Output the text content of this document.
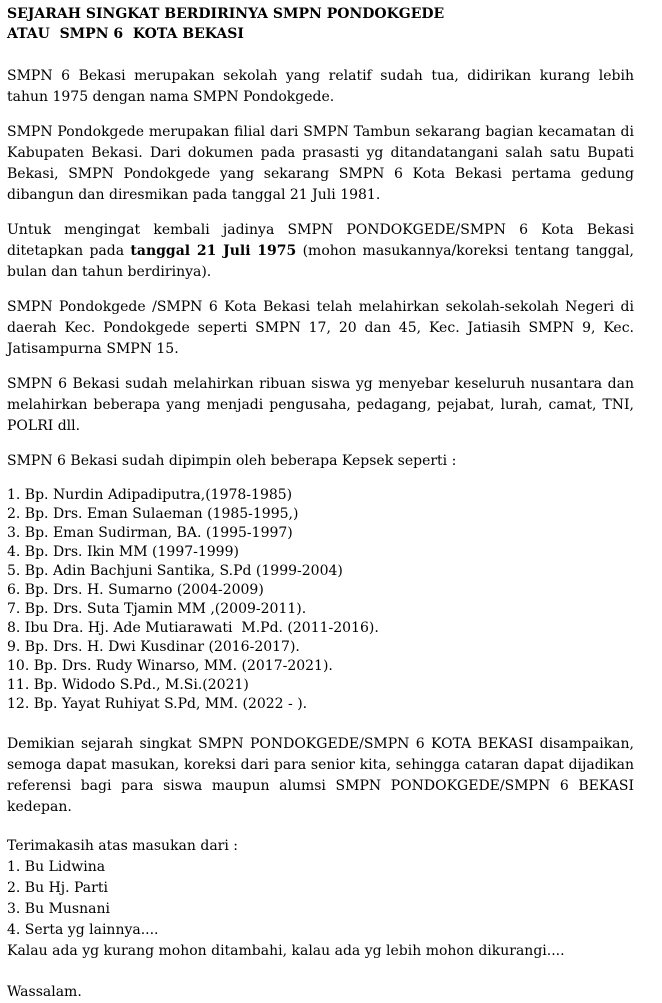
SEJARAH SINGKAT BERDIRINYA SMPN PONDOKGEDE
ATAU  SMPN 6  KOTA BEKASI

SMPN 6 Bekasi merupakan sekolah yang relatif sudah tua, didirikan kurang lebih tahun 1975 dengan nama SMPN Pondokgede.

SMPN Pondokgede merupakan filial dari SMPN Tambun sekarang bagian kecamatan di Kabupaten Bekasi. Dari dokumen pada prasasti yg ditandatangani salah satu Bupati Bekasi, SMPN Pondokgede yang sekarang SMPN 6 Kota Bekasi pertama gedung dibangun dan diresmikan pada tanggal 21 Juli 1981.

Untuk mengingat kembali jadinya SMPN PONDOKGEDE/SMPN 6 Kota Bekasi ditetapkan pada tanggal 21 Juli 1975 (mohon masukannya/koreksi tentang tanggal, bulan dan tahun berdirinya).

SMPN Pondokgede /SMPN 6 Kota Bekasi telah melahirkan sekolah-sekolah Negeri di daerah Kec. Pondokgede seperti SMPN 17, 20 dan 45, Kec. Jatiasih SMPN 9, Kec. Jatisampurna SMPN 15.

SMPN 6 Bekasi sudah melahirkan ribuan siswa yg menyebar keseluruh nusantara dan melahirkan beberapa yang menjadi pengusaha, pedagang, pejabat, lurah, camat, TNI, POLRI dll.

SMPN 6 Bekasi sudah dipimpin oleh beberapa Kepsek seperti :

1. Bp. Nurdin Adipadiputra,(1978-1985)
2. Bp. Drs. Eman Sulaeman (1985-1995,)
3. Bp. Eman Sudirman, BA. (1995-1997)
4. Bp. Drs. Ikin MM (1997-1999)
5. Bp. Adin Bachjuni Santika, S.Pd (1999-2004)
6. Bp. Drs. H. Sumarno (2004-2009)
7. Bp. Drs. Suta Tjamin MM ,(2009-2011).
8. Ibu Dra. Hj. Ade Mutiarawati  M.Pd. (2011-2016).
9. Bp. Drs. H. Dwi Kusdinar (2016-2017).
10. Bp. Drs. Rudy Winarso, MM. (2017-2021).
11. Bp. Widodo S.Pd., M.Si.(2021)
12. Bp. Yayat Ruhiyat S.Pd, MM. (2022 - ).

Demikian sejarah singkat SMPN PONDOKGEDE/SMPN 6 KOTA BEKASI disampaikan, semoga dapat masukan, koreksi dari para senior kita, sehingga cataran dapat dijadikan referensi bagi para siswa maupun alumsi SMPN PONDOKGEDE/SMPN 6 BEKASI kedepan.

Terimakasih atas masukan dari :

1. Bu Lidwina
2. Bu Hj. Parti
3. Bu Musnani
4. Serta yg lainnya....

Kalau ada yg kurang mohon ditambahi, kalau ada yg lebih mohon dikurangi....

Wassalam.
